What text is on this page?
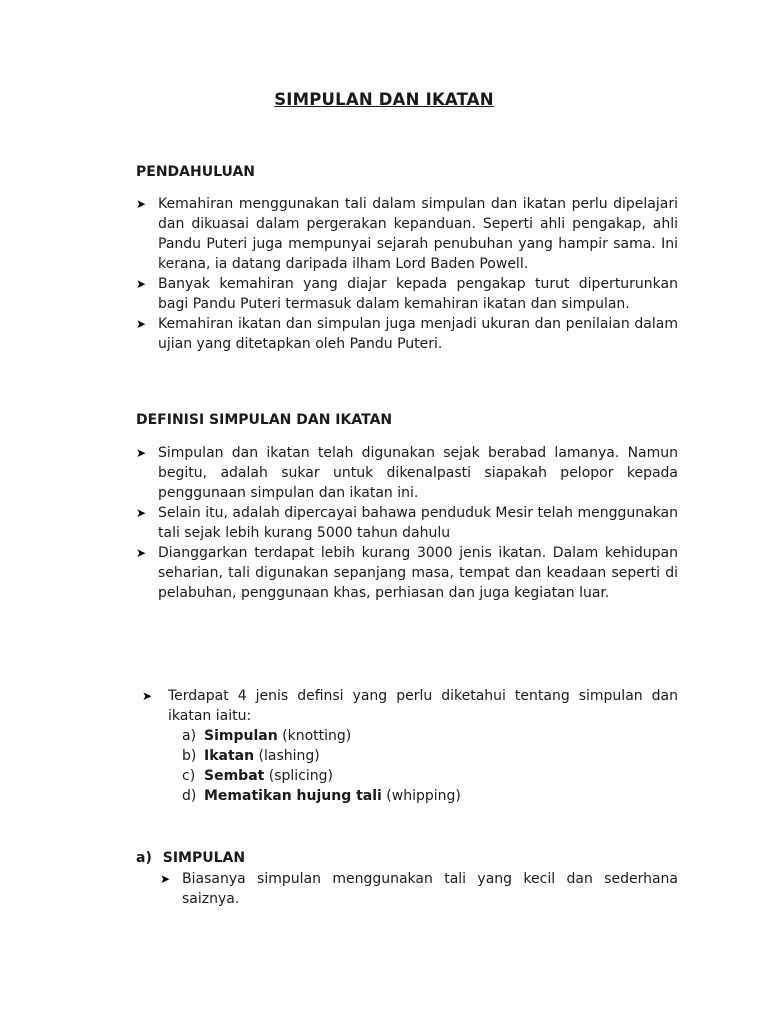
SIMPULAN DAN IKATAN
PENDAHULUAN
➤ Kemahiran menggunakan tali dalam simpulan dan ikatan perlu dipelajari dan dikuasai dalam pergerakan kepanduan. Seperti ahli pengakap, ahli Pandu Puteri juga mempunyai sejarah penubuhan yang hampir sama. Ini kerana, ia datang daripada ilham Lord Baden Powell.
➤ Banyak kemahiran yang diajar kepada pengakap turut diperturunkan bagi Pandu Puteri termasuk dalam kemahiran ikatan dan simpulan.
➤ Kemahiran ikatan dan simpulan juga menjadi ukuran dan penilaian dalam ujian yang ditetapkan oleh Pandu Puteri.
DEFINISI SIMPULAN DAN IKATAN
➤ Simpulan dan ikatan telah digunakan sejak berabad lamanya. Namun begitu, adalah sukar untuk dikenalpasti siapakah pelopor kepada penggunaan simpulan dan ikatan ini.
➤ Selain itu, adalah dipercayai bahawa penduduk Mesir telah menggunakan tali sejak lebih kurang 5000 tahun dahulu
➤ Dianggarkan terdapat lebih kurang 3000 jenis ikatan. Dalam kehidupan seharian, tali digunakan sepanjang masa, tempat dan keadaan seperti di pelabuhan, penggunaan khas, perhiasan dan juga kegiatan luar.
➤ Terdapat 4 jenis definsi yang perlu diketahui tentang simpulan dan ikatan iaitu:
a) Simpulan (knotting)
b) Ikatan (lashing)
c) Sembat (splicing)
d) Mematikan hujung tali (whipping)
a) SIMPULAN
➤ Biasanya simpulan menggunakan tali yang kecil dan sederhana saiznya.
